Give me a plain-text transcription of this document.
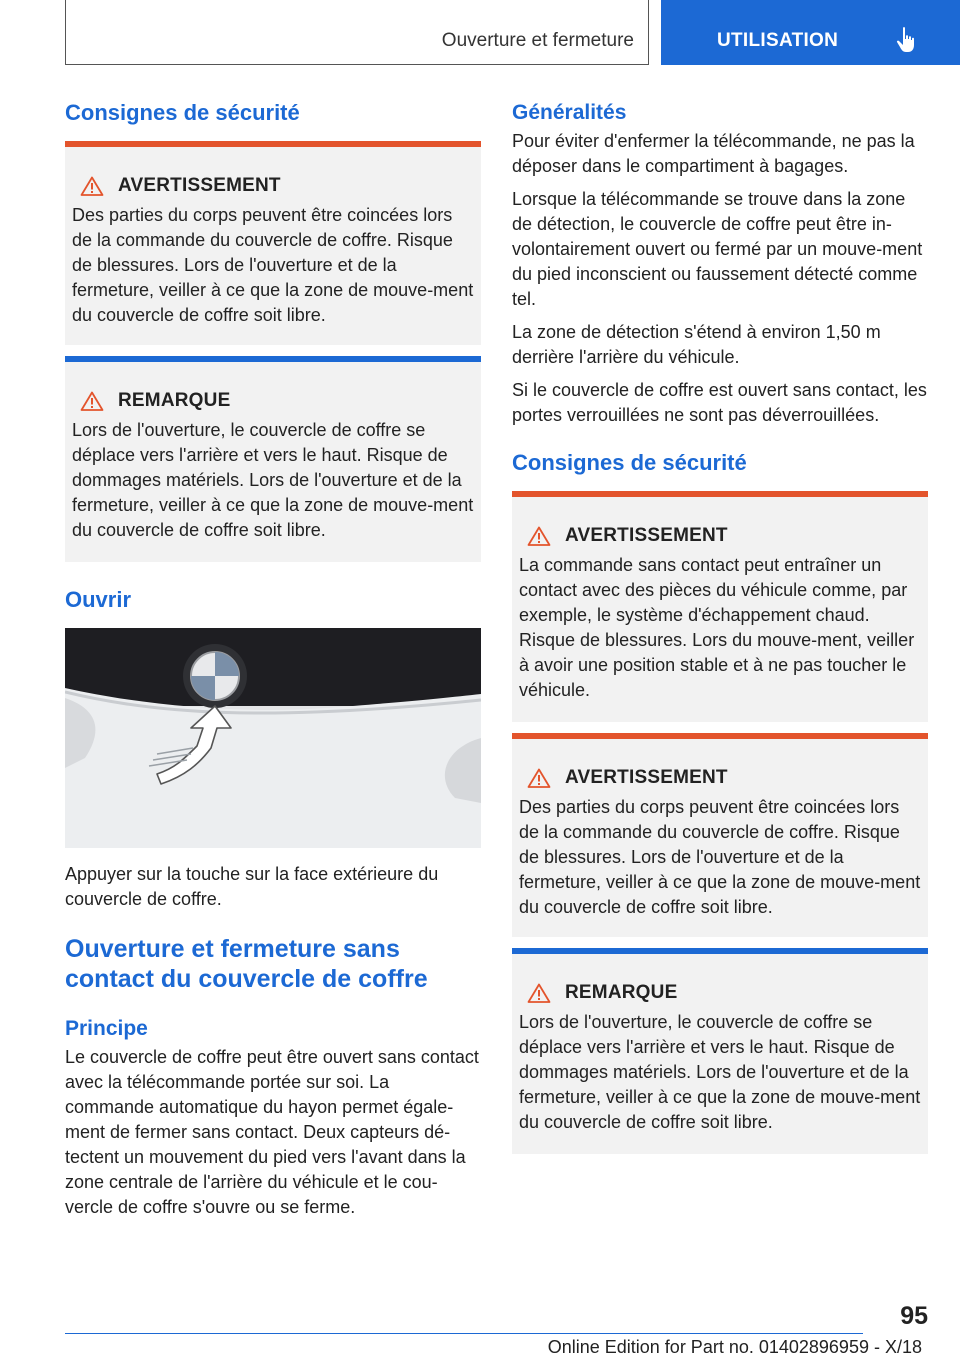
Ouverture et fermeture	UTILISATION
Consignes de sécurité
AVERTISSEMENT

Des parties du corps peuvent être coincées lors de la commande du couvercle de coffre. Risque de blessures. Lors de l'ouverture et de la fermeture, veiller à ce que la zone de mouve‐ment du couvercle de coffre soit libre.

REMARQUE

Lors de l'ouverture, le couvercle de coffre se déplace vers l'arrière et vers le haut. Risque de dommages matériels. Lors de l'ouverture et de la fermeture, veiller à ce que la zone de mouve‐ment du couvercle de coffre soit libre.

Ouvrir

Appuyer sur la touche sur la face extérieure du couvercle de coffre.

Ouverture et fermeture sans contact du couvercle de coffre
Principe

Le couvercle de coffre peut être ouvert sans contact avec la télécommande portée sur soi. La commande automatique du hayon permet égale‐ment de fermer sans contact. Deux capteurs dé‐tectent un mouvement du pied vers l'avant dans la zone centrale de l'arrière du véhicule et le cou‐vercle de coffre s'ouvre ou se ferme.

Généralités

Pour éviter d'enfermer la télécommande, ne pas la déposer dans le compartiment à bagages.

Lorsque la télécommande se trouve dans la zone de détection, le couvercle de coffre peut être in‐volontairement ouvert ou fermé par un mouve‐ment du pied inconscient ou faussement détecté comme tel.

La zone de détection s'étend à environ 1,50 m derrière l'arrière du véhicule.

Si le couvercle de coffre est ouvert sans contact, les portes verrouillées ne sont pas déverrouillées.

Consignes de sécurité
AVERTISSEMENT

La commande sans contact peut entraîner un contact avec des pièces du véhicule comme, par exemple, le système d'échappement chaud. Risque de blessures. Lors du mouve‐ment, veiller à avoir une position stable et à ne pas toucher le véhicule.

AVERTISSEMENT

Des parties du corps peuvent être coincées lors de la commande du couvercle de coffre. Risque de blessures. Lors de l'ouverture et de la fermeture, veiller à ce que la zone de mouve‐ment du couvercle de coffre soit libre.

REMARQUE

Lors de l'ouverture, le couvercle de coffre se déplace vers l'arrière et vers le haut. Risque de dommages matériels. Lors de l'ouverture et de la fermeture, veiller à ce que la zone de mouve‐ment du couvercle de coffre soit libre.

95
Online Edition for Part no. 01402896959 - X/18
